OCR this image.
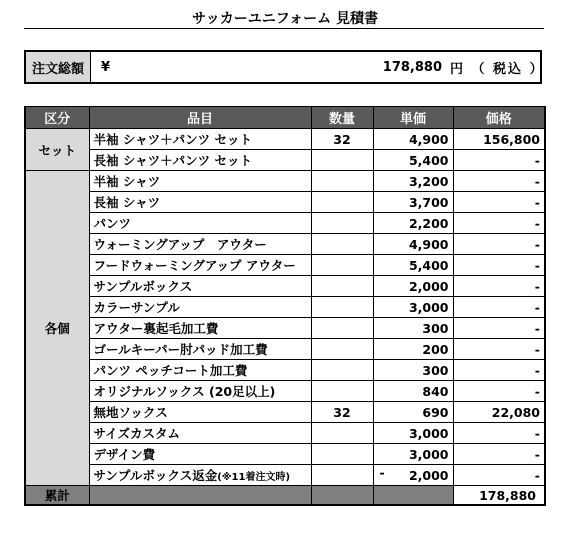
サッカーユニフォーム 見積書
注文総額	¥	178,880 円 （ 税込 ）
区分	品目	数量	単価	価格
セット	半袖 シャツ＋パンツ セット	32	4,900	156,800
	長袖 シャツ＋パンツ セット		5,400	-
各個	半袖 シャツ		3,200	-
	長袖 シャツ		3,700	-
	パンツ		2,200	-
	ウォーミングアップ　アウター		4,900	-
	フードウォーミングアップ アウター		5,400	-
	サンプルボックス		2,000	-
	カラーサンプル		3,000	-
	アウター裏起毛加工費		300	-
	ゴールキーパー肘パッド加工費		200	-
	パンツ ペッチコート加工費		300	-
	オリジナルソックス (20足以上)		840	-
	無地ソックス	32	690	22,080
	サイズカスタム		3,000	-
	デザイン費		3,000	-
	サンプルボックス返金(※11着注文時)		- 2,000	-
累計				178,880
